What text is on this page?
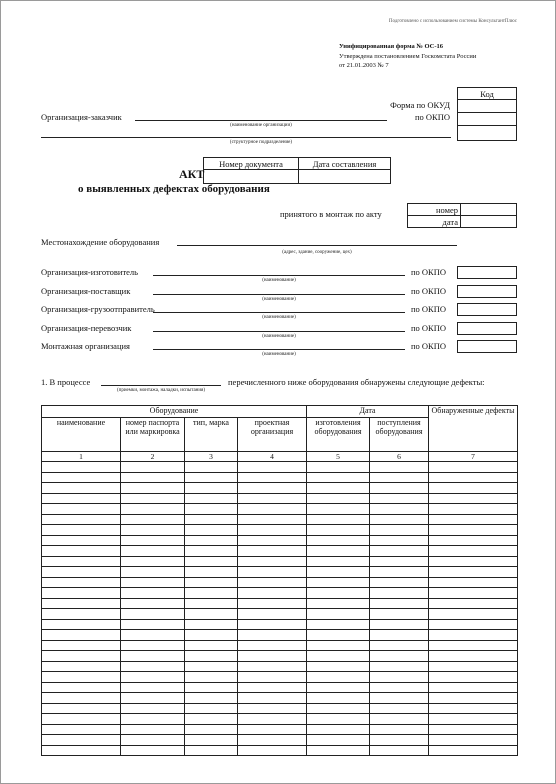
Подготовлено с использованием системы КонсультантПлюс
Унифицированная форма № ОС-16
Утверждена постановлением Госкомстата России
от 21.01.2003 № 7
Код

Форма по ОКУД
по ОКПО
Организация-заказчик
(наименование организации)
(структурное подразделение)
Номер документа	Дата составления

АКТ
о выявленных дефектах оборудования
принятого в монтаж по акту	номер	
дата	
Местонахождение оборудования
(адрес, здание, сооружение, цех)
Организация-изготовитель
(наименование)
по ОКПО
Организация-поставщик
(наименование)
по ОКПО
Организация-грузоотправитель
(наименование)
по ОКПО
Организация-перевозчик
(наименование)
по ОКПО
Монтажная организация
(наименование)
по ОКПО
1. В процессе
(приемки, монтажа, наладки, испытания)
перечисленного ниже оборудования обнаружены следующие дефекты:
Оборудование				Дата		Обнаруженные дефекты
наименование	номер паспорта или маркировка	тип, марка	проектная организация	изготовления оборудования	поступления оборудования	
1	2	3	4	5	6	7
